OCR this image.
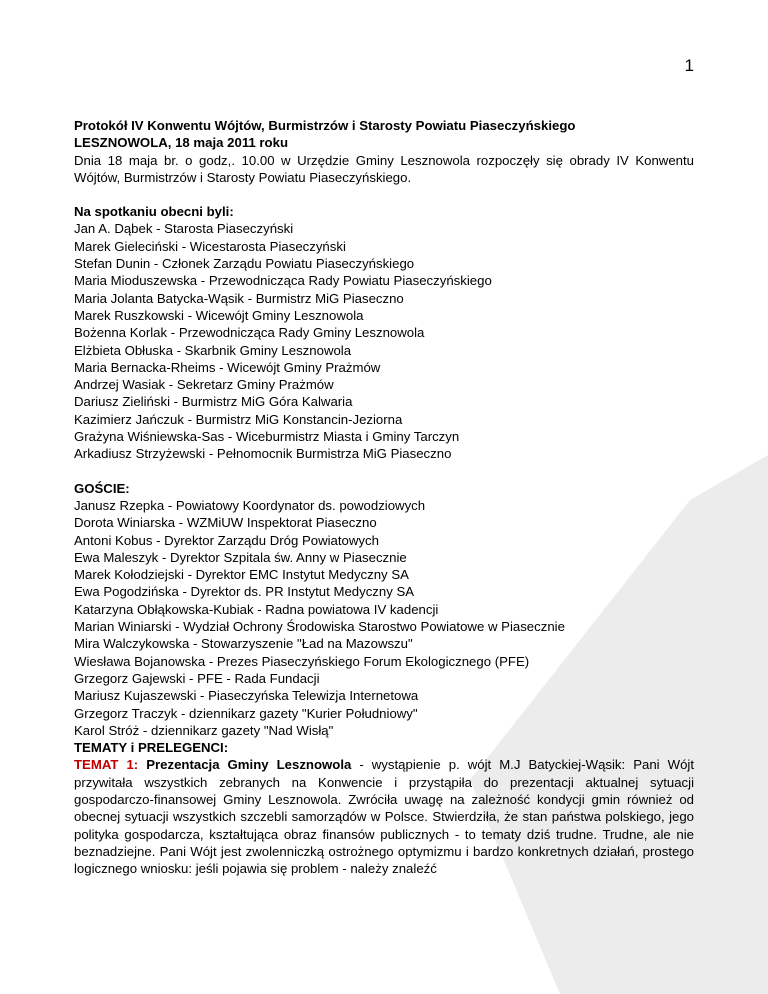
1

Protokół IV Konwentu Wójtów, Burmistrzów i Starosty Powiatu Piaseczyńskiego

LESZNOWOLA, 18 maja 2011 roku

Dnia 18 maja br. o godz,. 10.00 w Urzędzie Gminy Lesznowola rozpoczęły się obrady IV Konwentu Wójtów, Burmistrzów i Starosty Powiatu Piaseczyńskiego.

Na spotkaniu obecni byli:

Jan A. Dąbek - Starosta Piaseczyński
Marek Gieleciński - Wicestarosta Piaseczyński
Stefan Dunin - Członek Zarządu Powiatu Piaseczyńskiego
Maria Mioduszewska - Przewodnicząca Rady Powiatu Piaseczyńskiego
Maria Jolanta Batycka-Wąsik - Burmistrz MiG Piaseczno
Marek Ruszkowski - Wicewójt Gminy Lesznowola
Bożenna Korlak - Przewodnicząca Rady Gminy Lesznowola
Elżbieta Obłuska - Skarbnik Gminy Lesznowola
Maria Bernacka-Rheims - Wicewójt Gminy Prażmów
Andrzej Wasiak - Sekretarz Gminy Prażmów
Dariusz Zieliński - Burmistrz MiG Góra Kalwaria
Kazimierz Jańczuk - Burmistrz MiG Konstancin-Jeziorna
Grażyna Wiśniewska-Sas - Wiceburmistrz Miasta i Gminy Tarczyn
Arkadiusz Strzyżewski - Pełnomocnik Burmistrza MiG Piaseczno

GOŚCIE:

Janusz Rzepka - Powiatowy Koordynator ds. powodziowych
Dorota Winiarska - WZMiUW Inspektorat Piaseczno
Antoni Kobus - Dyrektor Zarządu Dróg Powiatowych
Ewa Maleszyk - Dyrektor Szpitala św. Anny w Piasecznie
Marek Kołodziejski - Dyrektor EMC Instytut Medyczny SA
Ewa Pogodzińska - Dyrektor ds. PR Instytut Medyczny SA
Katarzyna Obłąkowska-Kubiak - Radna powiatowa IV kadencji
Marian Winiarski - Wydział Ochrony Środowiska Starostwo Powiatowe w Piasecznie
Mira Walczykowska - Stowarzyszenie "Ład na Mazowszu"
Wiesława Bojanowska - Prezes Piaseczyńskiego Forum Ekologicznego (PFE)
Grzegorz Gajewski - PFE - Rada Fundacji
Mariusz Kujaszewski - Piaseczyńska Telewizja Internetowa
Grzegorz Traczyk - dziennikarz gazety "Kurier Południowy"
Karol Stróż - dziennikarz gazety "Nad Wisłą"

TEMATY i PRELEGENCI:

TEMAT 1: Prezentacja Gminy Lesznowola - wystąpienie p. wójt M.J Batyckiej-Wąsik: Pani Wójt przywitała wszystkich zebranych na Konwencie i przystąpiła do prezentacji aktualnej sytuacji gospodarczo-finansowej Gminy Lesznowola. Zwróciła uwagę na zależność kondycji gmin również od obecnej sytuacji wszystkich szczebli samorządów w Polsce. Stwierdziła, że stan państwa polskiego, jego polityka gospodarcza, kształtująca obraz finansów publicznych - to tematy dziś trudne. Trudne, ale nie beznadziejne. Pani Wójt jest zwolenniczką ostrożnego optymizmu i bardzo konkretnych działań, prostego logicznego wniosku: jeśli pojawia się problem - należy znaleźć
